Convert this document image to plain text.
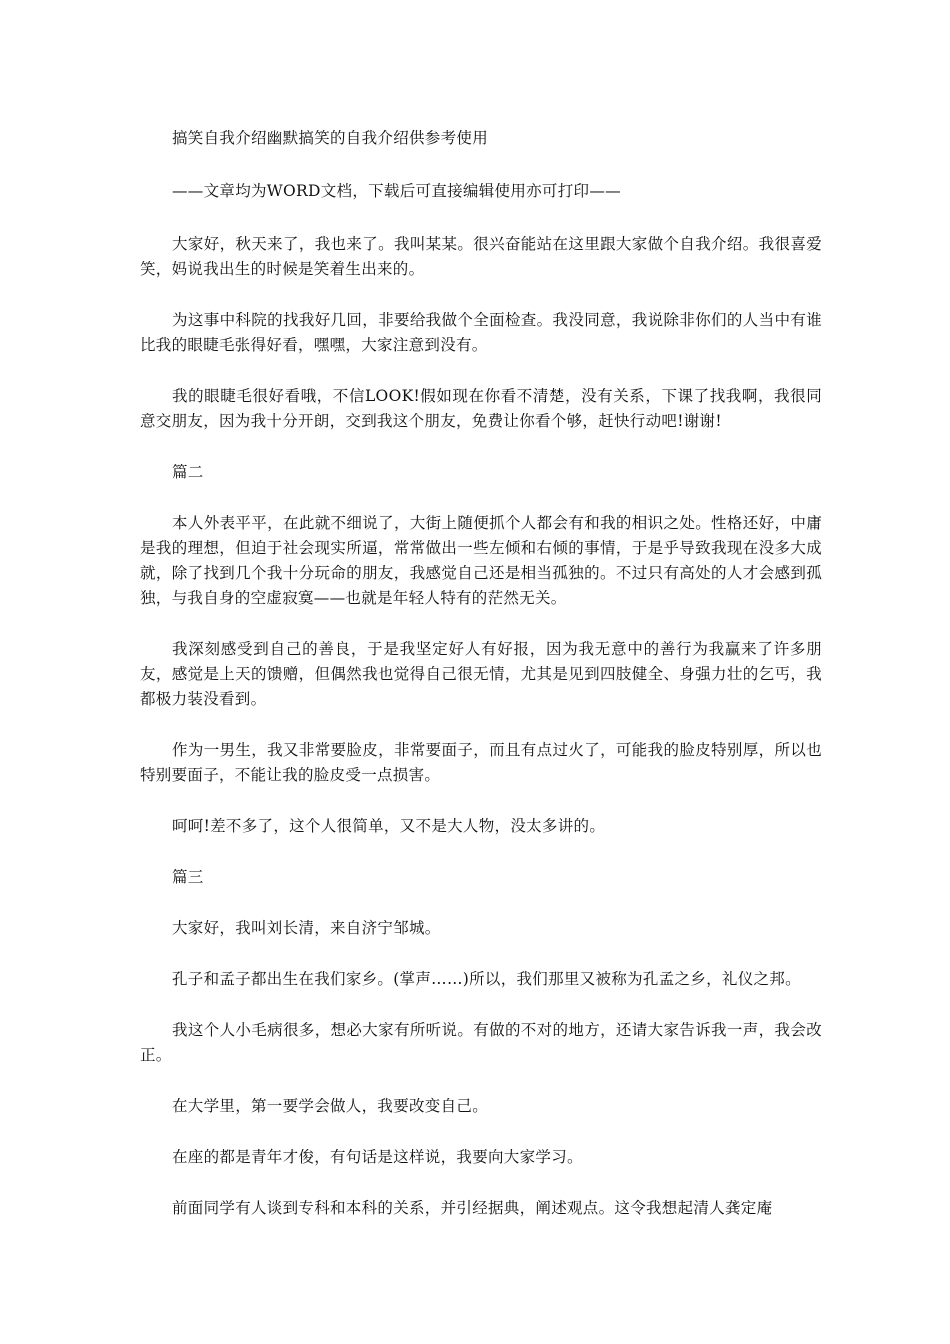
搞笑自我介绍幽默搞笑的自我介绍供参考使用

——文章均为WORD文档，下载后可直接编辑使用亦可打印——

大家好，秋天来了，我也来了。我叫某某。很兴奋能站在这里跟大家做个自我介绍。我很喜爱笑，妈说我出生的时候是笑着生出来的。

为这事中科院的找我好几回，非要给我做个全面检查。我没同意，我说除非你们的人当中有谁比我的眼睫毛张得好看，嘿嘿，大家注意到没有。

我的眼睫毛很好看哦，不信LOOK!假如现在你看不清楚，没有关系，下课了找我啊，我很同意交朋友，因为我十分开朗，交到我这个朋友，免费让你看个够，赶快行动吧!谢谢!

篇二

本人外表平平，在此就不细说了，大街上随便抓个人都会有和我的相识之处。性格还好，中庸是我的理想，但迫于社会现实所逼，常常做出一些左倾和右倾的事情，于是乎导致我现在没多大成就，除了找到几个我十分玩命的朋友，我感觉自己还是相当孤独的。不过只有高处的人才会感到孤独，与我自身的空虚寂寞——也就是年轻人特有的茫然无关。

我深刻感受到自己的善良，于是我坚定好人有好报，因为我无意中的善行为我赢来了许多朋友，感觉是上天的馈赠，但偶然我也觉得自己很无情，尤其是见到四肢健全、身强力壮的乞丐，我都极力装没看到。

作为一男生，我又非常要脸皮，非常要面子，而且有点过火了，可能我的脸皮特别厚，所以也特别要面子，不能让我的脸皮受一点损害。

呵呵!差不多了，这个人很简单，又不是大人物，没太多讲的。

篇三

大家好，我叫刘长清，来自济宁邹城。

孔子和孟子都出生在我们家乡。(掌声……)所以，我们那里又被称为孔孟之乡，礼仪之邦。

我这个人小毛病很多，想必大家有所听说。有做的不对的地方，还请大家告诉我一声，我会改正。

在大学里，第一要学会做人，我要改变自己。

在座的都是青年才俊，有句话是这样说，我要向大家学习。

前面同学有人谈到专科和本科的关系，并引经据典，阐述观点。这令我想起清人龚定庵
